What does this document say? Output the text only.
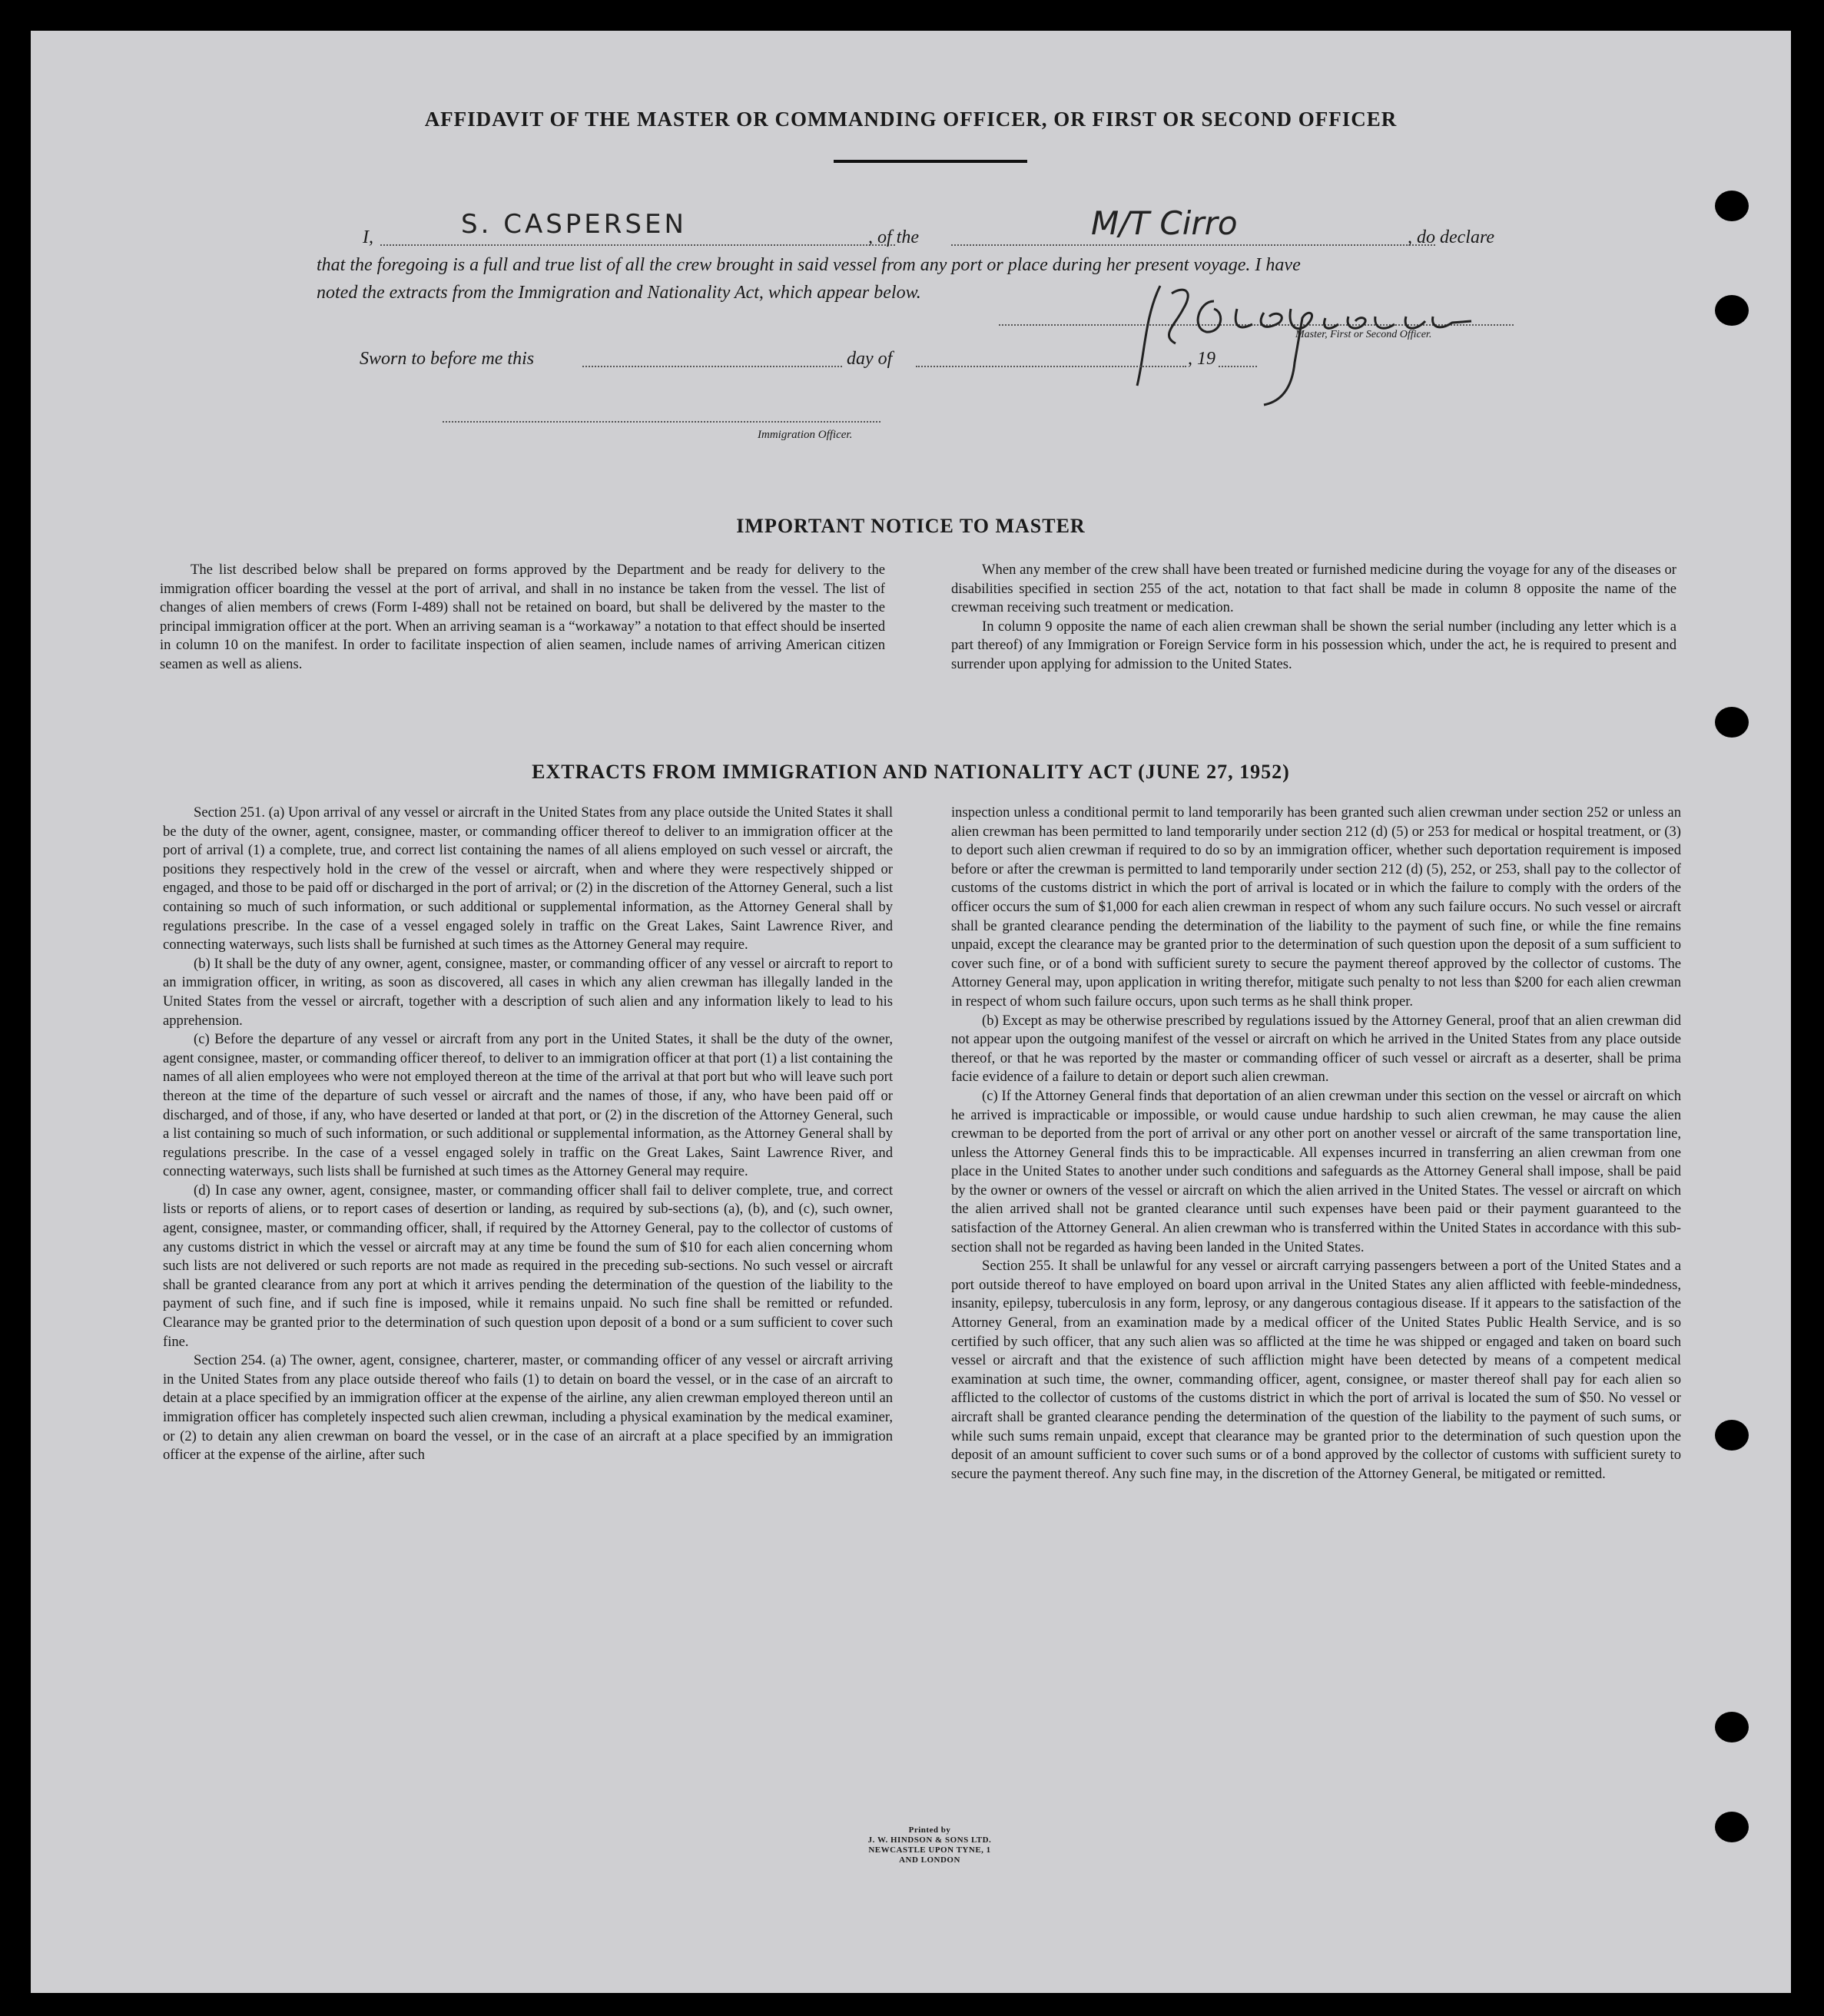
AFFIDAVIT OF THE MASTER OR COMMANDING OFFICER, OR FIRST OR SECOND OFFICER
I,	S. CASPERSEN	, of the	M/T Cirro	, do declare
that the foregoing is a full and true list of all the crew brought in said vessel from any port or place during her present voyage. I have
noted the extracts from the Immigration and Nationality Act, which appear below.
Master, First or Second Officer.
Sworn to before me this	day of	, 19
Immigration Officer.
IMPORTANT NOTICE TO MASTER

The list described below shall be prepared on forms approved by the Department and be ready for delivery to the immigration officer boarding the vessel at the port of arrival, and shall in no instance be taken from the vessel. The list of changes of alien members of crews (Form I-489) shall not be retained on board, but shall be delivered by the master to the principal immigration officer at the port. When an arriving seaman is a “workaway” a notation to that effect should be inserted in column 10 on the manifest. In order to facilitate inspection of alien seamen, include names of arriving American citizen seamen as well as aliens.

When any member of the crew shall have been treated or furnished medicine during the voyage for any of the diseases or disabilities specified in section 255 of the act, notation to that fact shall be made in column 8 opposite the name of the crewman receiving such treatment or medication.

In column 9 opposite the name of each alien crewman shall be shown the serial number (including any letter which is a part thereof) of any Immigration or Foreign Service form in his possession which, under the act, he is required to present and surrender upon applying for admission to the United States.

EXTRACTS FROM IMMIGRATION AND NATIONALITY ACT (JUNE 27, 1952)

Section 251. (a) Upon arrival of any vessel or aircraft in the United States from any place outside the United States it shall be the duty of the owner, agent, consignee, master, or commanding officer thereof to deliver to an immigration officer at the port of arrival (1) a complete, true, and correct list containing the names of all aliens employed on such vessel or aircraft, the positions they respectively hold in the crew of the vessel or aircraft, when and where they were respectively shipped or engaged, and those to be paid off or discharged in the port of arrival; or (2) in the discretion of the Attorney General, such a list containing so much of such information, or such additional or supplemental information, as the Attorney General shall by regulations prescribe. In the case of a vessel engaged solely in traffic on the Great Lakes, Saint Lawrence River, and connecting waterways, such lists shall be furnished at such times as the Attorney General may require.

(b) It shall be the duty of any owner, agent, consignee, master, or commanding officer of any vessel or aircraft to report to an immigration officer, in writing, as soon as discovered, all cases in which any alien crewman has illegally landed in the United States from the vessel or aircraft, together with a description of such alien and any information likely to lead to his apprehension.

(c) Before the departure of any vessel or aircraft from any port in the United States, it shall be the duty of the owner, agent consignee, master, or commanding officer thereof, to deliver to an immigration officer at that port (1) a list containing the names of all alien employees who were not employed thereon at the time of the arrival at that port but who will leave such port thereon at the time of the departure of such vessel or aircraft and the names of those, if any, who have been paid off or discharged, and of those, if any, who have deserted or landed at that port, or (2) in the discretion of the Attorney General, such a list containing so much of such information, or such additional or supplemental information, as the Attorney General shall by regulations prescribe. In the case of a vessel engaged solely in traffic on the Great Lakes, Saint Lawrence River, and connecting waterways, such lists shall be furnished at such times as the Attorney General may require.

(d) In case any owner, agent, consignee, master, or commanding officer shall fail to deliver complete, true, and correct lists or reports of aliens, or to report cases of desertion or landing, as required by sub-sections (a), (b), and (c), such owner, agent, consignee, master, or commanding officer, shall, if required by the Attorney General, pay to the collector of customs of any customs district in which the vessel or aircraft may at any time be found the sum of $10 for each alien concerning whom such lists are not delivered or such reports are not made as required in the preceding sub-sections. No such vessel or aircraft shall be granted clearance from any port at which it arrives pending the determination of the question of the liability to the payment of such fine, and if such fine is imposed, while it remains unpaid. No such fine shall be remitted or refunded. Clearance may be granted prior to the determination of such question upon deposit of a bond or a sum sufficient to cover such fine.

Section 254. (a) The owner, agent, consignee, charterer, master, or commanding officer of any vessel or aircraft arriving in the United States from any place outside thereof who fails (1) to detain on board the vessel, or in the case of an aircraft to detain at a place specified by an immigration officer at the expense of the airline, any alien crewman employed thereon until an immigration officer has completely inspected such alien crewman, including a physical examination by the medical examiner, or (2) to detain any alien crewman on board the vessel, or in the case of an aircraft at a place specified by an immigration officer at the expense of the airline, after such

inspection unless a conditional permit to land temporarily has been granted such alien crewman under section 252 or unless an alien crewman has been permitted to land temporarily under section 212 (d) (5) or 253 for medical or hospital treatment, or (3) to deport such alien crewman if required to do so by an immigration officer, whether such deportation requirement is imposed before or after the crewman is permitted to land temporarily under section 212 (d) (5), 252, or 253, shall pay to the collector of customs of the customs district in which the port of arrival is located or in which the failure to comply with the orders of the officer occurs the sum of $1,000 for each alien crewman in respect of whom any such failure occurs. No such vessel or aircraft shall be granted clearance pending the determination of the liability to the payment of such fine, or while the fine remains unpaid, except the clearance may be granted prior to the determination of such question upon the deposit of a sum sufficient to cover such fine, or of a bond with sufficient surety to secure the payment thereof approved by the collector of customs. The Attorney General may, upon application in writing therefor, mitigate such penalty to not less than $200 for each alien crewman in respect of whom such failure occurs, upon such terms as he shall think proper.

(b) Except as may be otherwise prescribed by regulations issued by the Attorney General, proof that an alien crewman did not appear upon the outgoing manifest of the vessel or aircraft on which he arrived in the United States from any place outside thereof, or that he was reported by the master or commanding officer of such vessel or aircraft as a deserter, shall be prima facie evidence of a failure to detain or deport such alien crewman.

(c) If the Attorney General finds that deportation of an alien crewman under this section on the vessel or aircraft on which he arrived is impracticable or impossible, or would cause undue hardship to such alien crewman, he may cause the alien crewman to be deported from the port of arrival or any other port on another vessel or aircraft of the same transportation line, unless the Attorney General finds this to be impracticable. All expenses incurred in transferring an alien crewman from one place in the United States to another under such conditions and safeguards as the Attorney General shall impose, shall be paid by the owner or owners of the vessel or aircraft on which the alien arrived in the United States. The vessel or aircraft on which the alien arrived shall not be granted clearance until such expenses have been paid or their payment guaranteed to the satisfaction of the Attorney General. An alien crewman who is transferred within the United States in accordance with this sub-section shall not be regarded as having been landed in the United States.

Section 255. It shall be unlawful for any vessel or aircraft carrying passengers between a port of the United States and a port outside thereof to have employed on board upon arrival in the United States any alien afflicted with feeble-mindedness, insanity, epilepsy, tuberculosis in any form, leprosy, or any dangerous contagious disease. If it appears to the satisfaction of the Attorney General, from an examination made by a medical officer of the United States Public Health Service, and is so certified by such officer, that any such alien was so afflicted at the time he was shipped or engaged and taken on board such vessel or aircraft and that the existence of such affliction might have been detected by means of a competent medical examination at such time, the owner, commanding officer, agent, consignee, or master thereof shall pay for each alien so afflicted to the collector of customs of the customs district in which the port of arrival is located the sum of $50. No vessel or aircraft shall be granted clearance pending the determination of the question of the liability to the payment of such sums, or while such sums remain unpaid, except that clearance may be granted prior to the determination of such question upon the deposit of an amount sufficient to cover such sums or of a bond approved by the collector of customs with sufficient surety to secure the payment thereof. Any such fine may, in the discretion of the Attorney General, be mitigated or remitted.

Printed by
J. W. HINDSON & SONS LTD.
NEWCASTLE UPON TYNE, 1
AND LONDON
